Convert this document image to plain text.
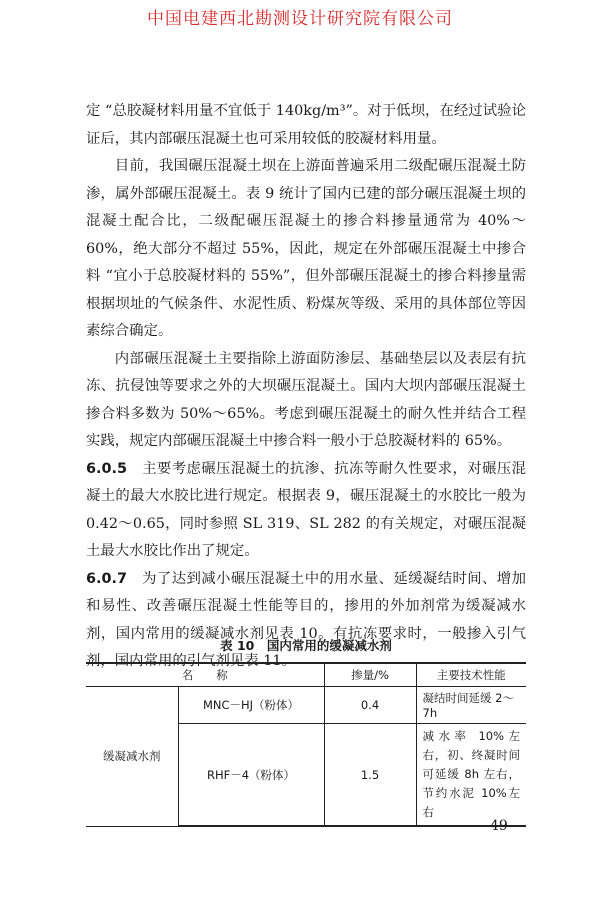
中国电建西北勘测设计研究院有限公司

定 “总胶凝材料用量不宜低于 140kg/m³”。对于低坝，在经过试验论证后，其内部碾压混凝土也可采用较低的胶凝材料用量。

目前，我国碾压混凝土坝在上游面普遍采用二级配碾压混凝土防渗，属外部碾压混凝土。表 9 统计了国内已建的部分碾压混凝土坝的混凝土配合比，二级配碾压混凝土的掺合料掺量通常为 40%～60%，绝大部分不超过 55%，因此，规定在外部碾压混凝土中掺合料 “宜小于总胶凝材料的 55%”，但外部碾压混凝土的掺合料掺量需根据坝址的气候条件、水泥性质、粉煤灰等级、采用的具体部位等因素综合确定。

内部碾压混凝土主要指除上游面防渗层、基础垫层以及表层有抗冻、抗侵蚀等要求之外的大坝碾压混凝土。国内大坝内部碾压混凝土掺合料多数为 50%～65%。考虑到碾压混凝土的耐久性并结合工程实践，规定内部碾压混凝土中掺合料一般小于总胶凝材料的 65%。

6.0.5　 主要考虑碾压混凝土的抗渗、抗冻等耐久性要求，对碾压混凝土的最大水胶比进行规定。根据表 9，碾压混凝土的水胶比一般为 0.42～0.65，同时参照 SL 319、SL 282 的有关规定，对碾压混凝土最大水胶比作出了规定。

6.0.7　 为了达到减小碾压混凝土中的用水量、延缓凝结时间、增加和易性、改善碾压混凝土性能等目的，掺用的外加剂常为缓凝减水剂，国内常用的缓凝减水剂见表 10。有抗冻要求时，一般掺入引气剂，国内常用的引气剂见表 11。

表 10　国内常用的缓凝减水剂
名　　称		掺量/%	主要技术性能
缓凝减水剂	MNC－HJ（粉体）	0.4	凝结时间延缓 2～7h
	RHF－4（粉体）	1.5	减水率 10%左右，初、终凝时间可延缓 8h 左右，节约水泥 10%左右
49
